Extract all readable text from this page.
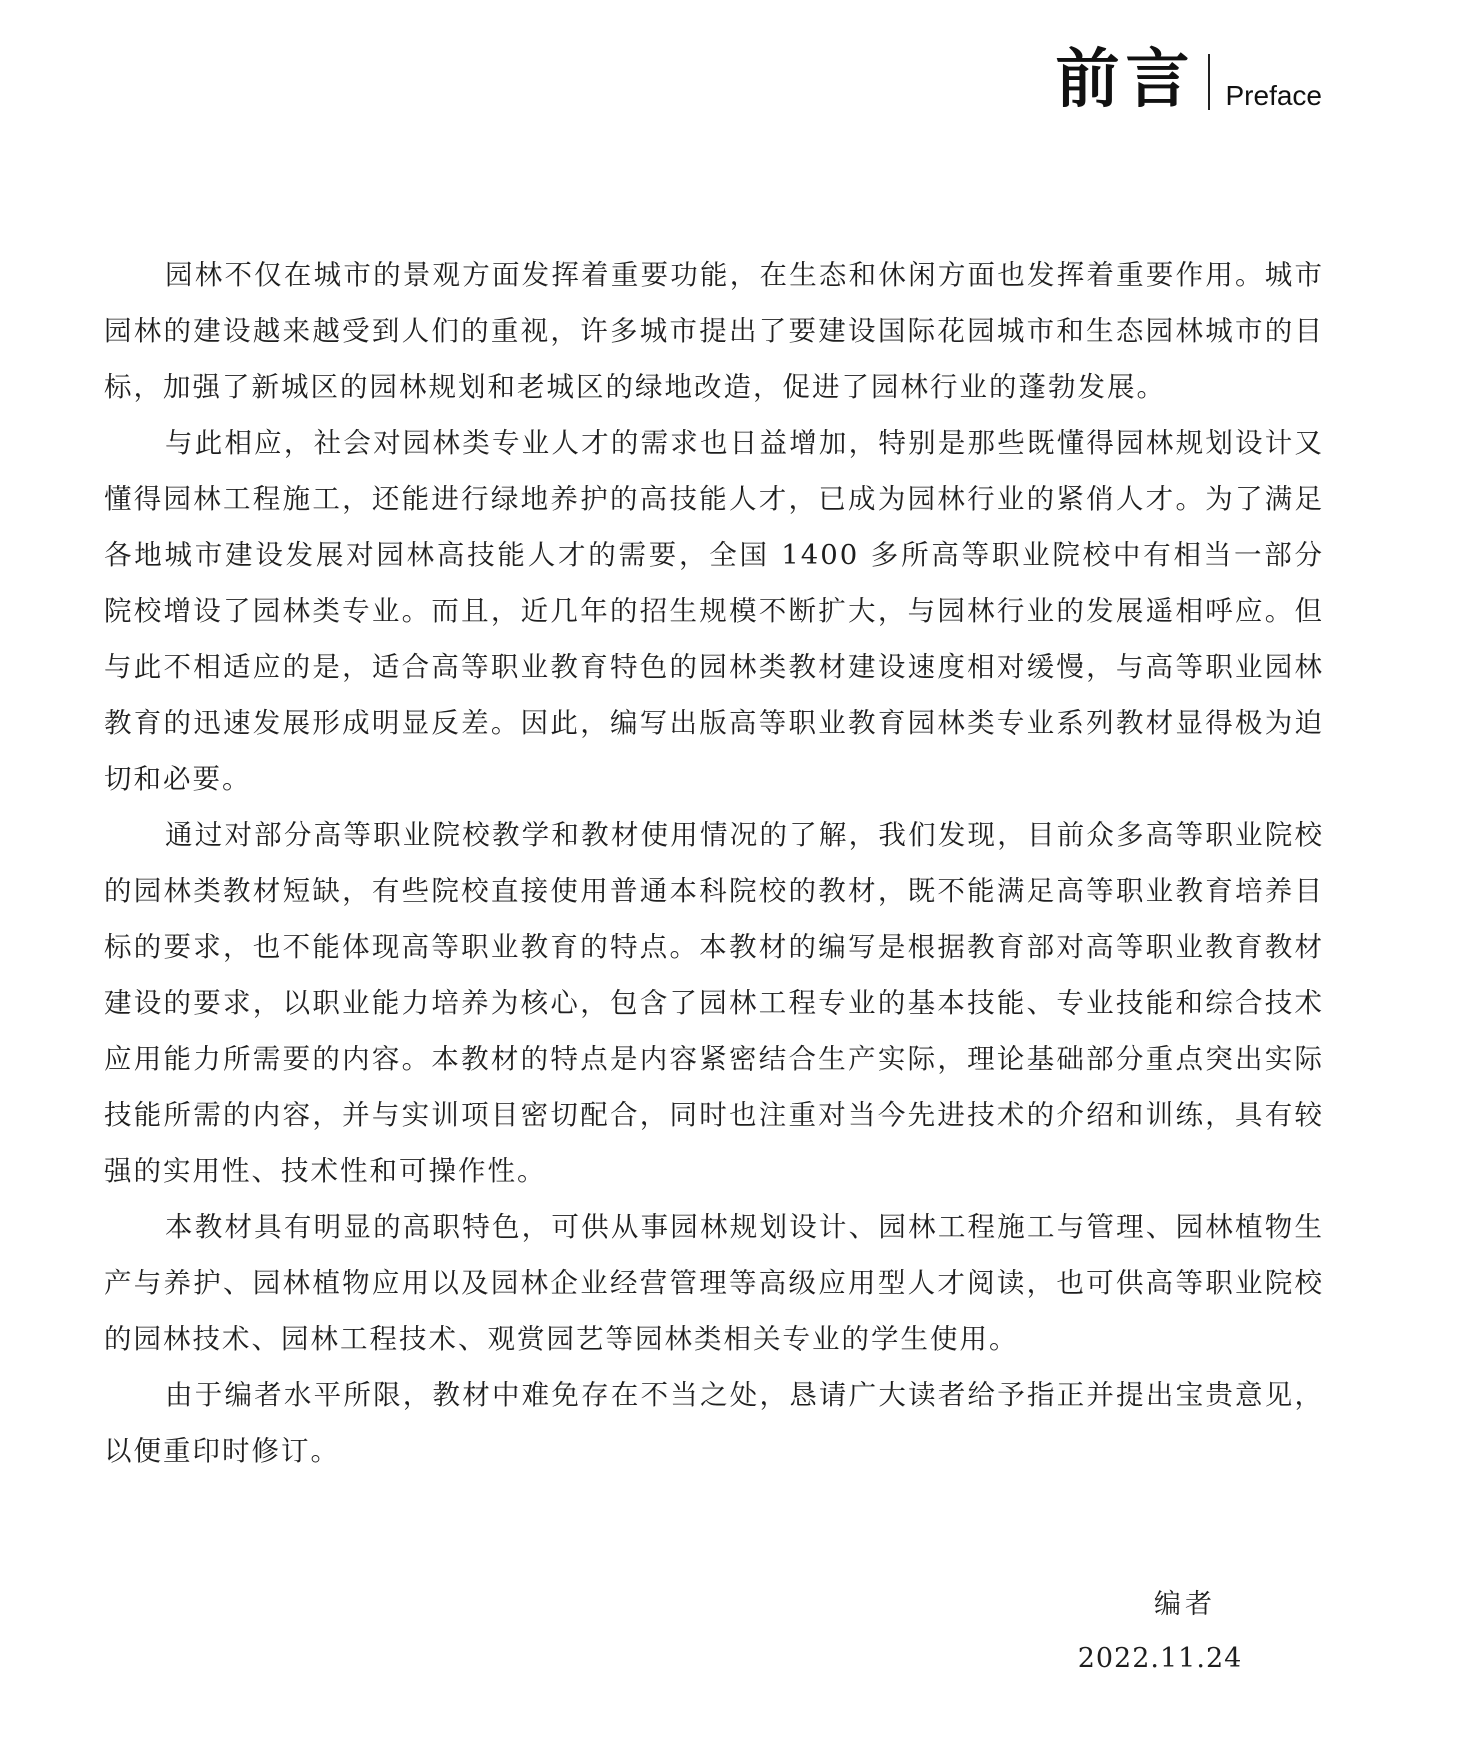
前言 Preface

园林不仅在城市的景观方面发挥着重要功能，在生态和休闲方面也发挥着重要作用。城市园林的建设越来越受到人们的重视，许多城市提出了要建设国际花园城市和生态园林城市的目标，加强了新城区的园林规划和老城区的绿地改造，促进了园林行业的蓬勃发展。

与此相应，社会对园林类专业人才的需求也日益增加，特别是那些既懂得园林规划设计又懂得园林工程施工，还能进行绿地养护的高技能人才，已成为园林行业的紧俏人才。为了满足各地城市建设发展对园林高技能人才的需要，全国 1400 多所高等职业院校中有相当一部分院校增设了园林类专业。而且，近几年的招生规模不断扩大，与园林行业的发展遥相呼应。但与此不相适应的是，适合高等职业教育特色的园林类教材建设速度相对缓慢，与高等职业园林教育的迅速发展形成明显反差。因此，编写出版高等职业教育园林类专业系列教材显得极为迫切和必要。

通过对部分高等职业院校教学和教材使用情况的了解，我们发现，目前众多高等职业院校的园林类教材短缺，有些院校直接使用普通本科院校的教材，既不能满足高等职业教育培养目标的要求，也不能体现高等职业教育的特点。本教材的编写是根据教育部对高等职业教育教材建设的要求，以职业能力培养为核心，包含了园林工程专业的基本技能、专业技能和综合技术应用能力所需要的内容。本教材的特点是内容紧密结合生产实际，理论基础部分重点突出实际技能所需的内容，并与实训项目密切配合，同时也注重对当今先进技术的介绍和训练，具有较强的实用性、技术性和可操作性。

本教材具有明显的高职特色，可供从事园林规划设计、园林工程施工与管理、园林植物生产与养护、园林植物应用以及园林企业经营管理等高级应用型人才阅读，也可供高等职业院校的园林技术、园林工程技术、观赏园艺等园林类相关专业的学生使用。

由于编者水平所限，教材中难免存在不当之处，恳请广大读者给予指正并提出宝贵意见，以便重印时修订。

编者
2022.11.24
